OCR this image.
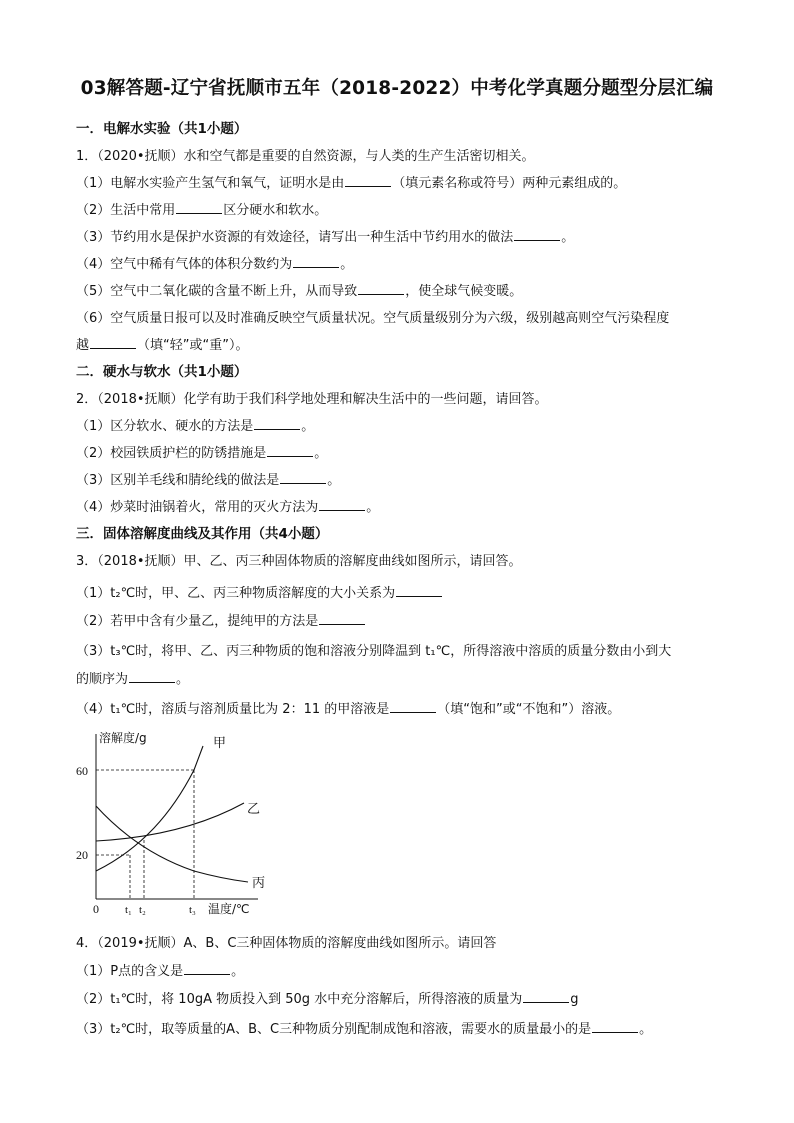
03解答题-辽宁省抚顺市五年（2018-2022）中考化学真题分题型分层汇编
一．电解水实验（共1小题）
1．（2020•抚顺）水和空气都是重要的自然资源，与人类的生产生活密切相关。
（1）电解水实验产生氢气和氧气，证明水是由	（填元素名称或符号）两种元素组成的。
（2）生活中常用	区分硬水和软水。
（3）节约用水是保护水资源的有效途径，请写出一种生活中节约用水的做法	。
（4）空气中稀有气体的体积分数约为	。
（5）空气中二氧化碳的含量不断上升，从而导致	，使全球气候变暖。
（6）空气质量日报可以及时准确反映空气质量状况。空气质量级别分为六级，级别越高则空气污染程度
越	（填“轻”或“重”）。
二．硬水与软水（共1小题）
2．（2018•抚顺）化学有助于我们科学地处理和解决生活中的一些问题，请回答。
（1）区分软水、硬水的方法是	。
（2）校园铁质护栏的防锈措施是	。
（3）区别羊毛线和腈纶线的做法是	。
（4）炒菜时油锅着火，常用的灭火方法为	。
三．固体溶解度曲线及其作用（共4小题）
3．（2018•抚顺）甲、乙、丙三种固体物质的溶解度曲线如图所示，请回答。
（1）t₂℃时，甲、乙、丙三种物质溶解度的大小关系为
（2）若甲中含有少量乙，提纯甲的方法是
（3）t₃℃时，将甲、乙、丙三种物质的饱和溶液分别降温到 t₁℃，所得溶液中溶质的质量分数由小到大
的顺序为	。
（4）t₁℃时，溶质与溶剂质量比为 2：11 的甲溶液是	（填“饱和”或“不饱和”）溶液。
溶解度/g
温度/℃
0
60
20
甲
乙
丙
t₁ t₂	t₃
4．（2019•抚顺）A、B、C三种固体物质的溶解度曲线如图所示。请回答
（1）P点的含义是	。
（2）t₁℃时，将 10gA 物质投入到 50g 水中充分溶解后，所得溶液的质量为	g
（3）t₂℃时，取等质量的A、B、C三种物质分别配制成饱和溶液，需要水的质量最小的是	。
